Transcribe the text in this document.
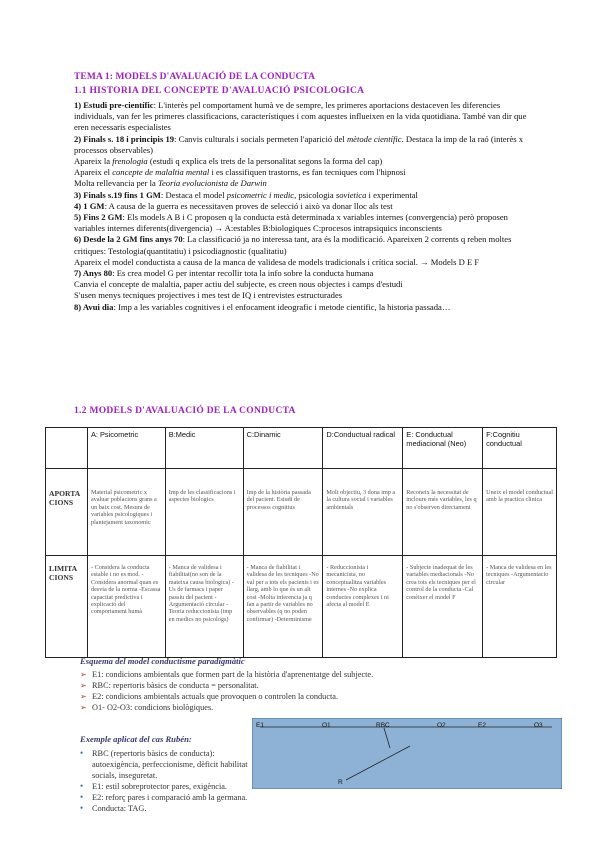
TEMA 1: MODELS D'AVALUACIÓ DE LA CONDUCTA
1.1 HISTORIA DEL CONCEPTE D'AVALUACIÓ PSICOLOGICA

1) Estudi pre-científic: L'interès pel comportament humà ve de sempre, les primeres aportacions destaceven les diferencies individuals, van fer les primeres classificacions, característiques i com aquestes influeixen en la vida quotidiana. També van dir que eren necessaris especialistes

2) Finals s. 18 i principis 19: Canvis culturals i socials permeten l'aparició del mètode científic. Destaca la imp de la raó (interès x processos observables)

Apareix la frenologia (estudi q explica els trets de la personalitat segons la forma del cap)

Apareix el concepte de malaltia mental i es classifiquen trastorns, es fan tecniques com l'hipnosi

Molta rellevancia per la Teoria evolucionista de Darwin

3) Finals s.19 fins 1 GM: Destaca el model psicometric i medic, psicologia sovietica i experimental

4) 1 GM: A causa de la guerra es necessitaven proves de selecció i això va donar lloc als test

5) Fins 2 GM: Els models A B i C proposen q la conducta està determinada x variables internes (convergencia) però proposen variables internes diferents(divergencia) → A:estables B:biologiques C:procesos intrapsiquics inconscients

6) Desde la 2 GM fins anys 70: La classificació ja no interessa tant, ara és la modificació. Apareixen 2 corrents q reben moltes critiques: Testologia(quantitatiu) i psicodiagnostic (qualitatiu)

Apareix el model conductista a causa de la manca de validesa de models tradicionals i crítica social. → Models D E F

7) Anys 80: Es crea model G per intentar recollir tota la info sobre la conducta humana

Canvia el concepte de malaltia, paper actiu del subjecte, es creen nous objectes i camps d'estudi

S'usen menys tecniques projectives i mes test de IQ i entrevistes estructurades

8) Avui dia: Imp a les variables cognitives i el enfocament ideografic i metode cientific, la historia passada…

1.2 MODELS D'AVALUACIÓ DE LA CONDUCTA
	A: Psicometric	B:Medic	C:Dinamic	D:Conductual radical	E: Conductual mediacional (Neo)	F:Cognitiu conductual
APORTA CIONS	Material psicometric x avaluar poblacions grans a un baix cost. Mesura de variables psicologiques i plantejament taxonomic	Imp de les classificacions i aspectes biologics	Imp de la història passada del pacient. Estudi de processos cognitius	Molt objectiu, 3 dona imp a la cultura social i variables ambientals	Reconeix la necessitat de incloure més variables, les q no s'observen directament	Uneix el model conductual amb la practica clinica
LIMITA CIONS	- Considera la conducta estable i no es mod. -Considera anormal quan es desvia de la norma -Escassa capacitat predictiva i explicació del comportament humà	- Manca de validesa i fiabilitat(no son de la mateixa causa biologica) -Us de farmacs i paper passiu del pacient -Argumentació circular -Teoria reduccionista (imp en medics no psicologs)	- Manca de fiabilitat i validesa de les tecniques -No val per a tots els pacients i es llarg, amb lo que és un alt cost -Molta inferencia ja q fan a partir de variables no observables (q no poden confirmar) -Determinisme	- Reduccionista i mecanicista, no conceptualitza variables internes -No explica conductes complexes i ni afecta al model E	- Subjecte inadequat de les variables mediacionals -No crea tots els tecniques per el control de la conducta -Cal conèixer el model F	- Manca de validesa en les tecniques -Argumentacio circular
Esquema del model conductisme paradigmàtic
➢ E1: condicions ambientals que formen part de la història d'aprenentatge del subjecte.
➢ RBC: repertoris bàsics de conducta = personalitat.
➢ E2: condicions ambientals actuals que provoquen o controlen la conducta.
➢ O1- O2-O3: condicions biològiques.
Exemple aplicat del cas Rubén:
• RBC (repertoris bàsics de conducta): autoexigència, perfeccionisme, dèficit habilitat socials, inseguretat.
• E1: estil sobreprotector pares, exigència.
• E2: reforç pares i comparació amb la germana.
• Conducta: TAG.
E1	O1	RBC	O2	E2	O3
R
